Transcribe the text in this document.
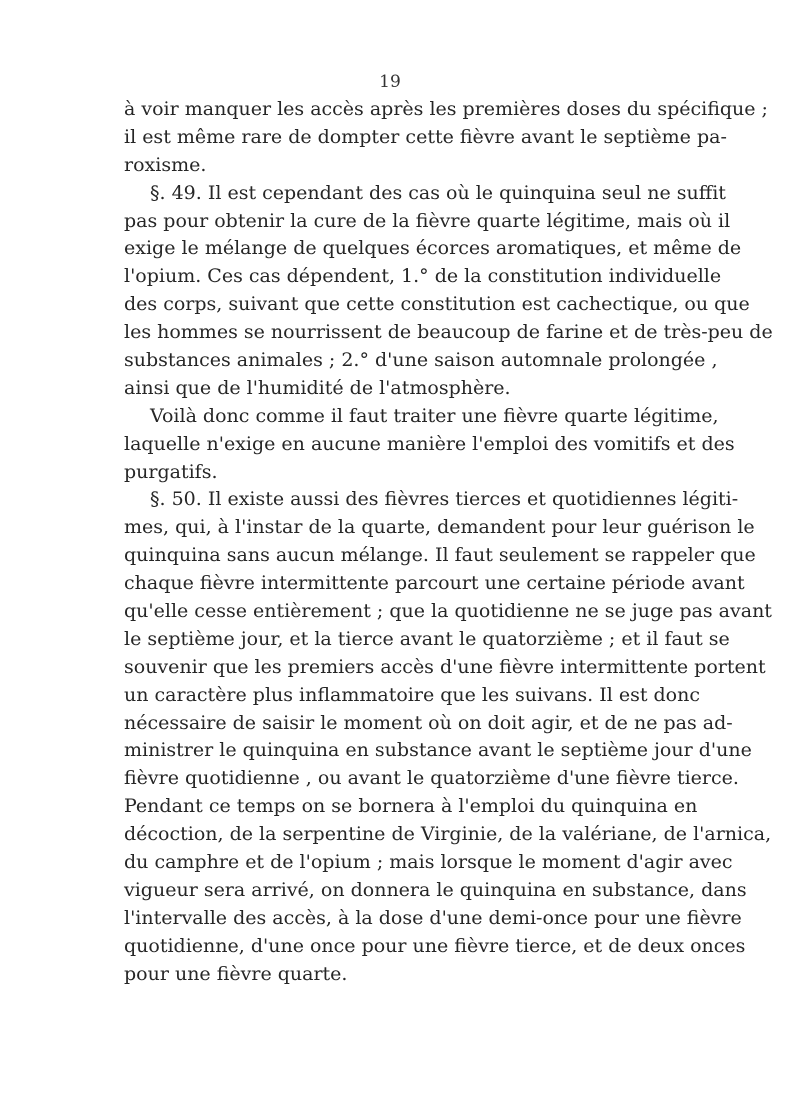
19
à voir manquer les accès après les premières doses du spécifique ;
il est même rare de dompter cette fièvre avant le septième pa-
roxisme.
§. 49. Il est cependant des cas où le quinquina seul ne suffit
pas pour obtenir la cure de la fièvre quarte légitime, mais où il
exige le mélange de quelques écorces aromatiques, et même de
l'opium. Ces cas dépendent, 1.° de la constitution individuelle
des corps, suivant que cette constitution est cachectique, ou que
les hommes se nourrissent de beaucoup de farine et de très-peu de
substances animales ; 2.° d'une saison automnale prolongée ,
ainsi que de l'humidité de l'atmosphère.
Voilà donc comme il faut traiter une fièvre quarte légitime,
laquelle n'exige en aucune manière l'emploi des vomitifs et des
purgatifs.
§. 50. Il existe aussi des fièvres tierces et quotidiennes légiti-
mes, qui, à l'instar de la quarte, demandent pour leur guérison le
quinquina sans aucun mélange. Il faut seulement se rappeler que
chaque fièvre intermittente parcourt une certaine période avant
qu'elle cesse entièrement ; que la quotidienne ne se juge pas avant
le septième jour, et la tierce avant le quatorzième ; et il faut se
souvenir que les premiers accès d'une fièvre intermittente portent
un caractère plus inflammatoire que les suivans. Il est donc
nécessaire de saisir le moment où on doit agir, et de ne pas ad-
ministrer le quinquina en substance avant le septième jour d'une
fièvre quotidienne , ou avant le quatorzième d'une fièvre tierce.
Pendant ce temps on se bornera à l'emploi du quinquina en
décoction, de la serpentine de Virginie, de la valériane, de l'arnica,
du camphre et de l'opium ; mais lorsque le moment d'agir avec
vigueur sera arrivé, on donnera le quinquina en substance, dans
l'intervalle des accès, à la dose d'une demi-once pour une fièvre
quotidienne, d'une once pour une fièvre tierce, et de deux onces
pour une fièvre quarte.
